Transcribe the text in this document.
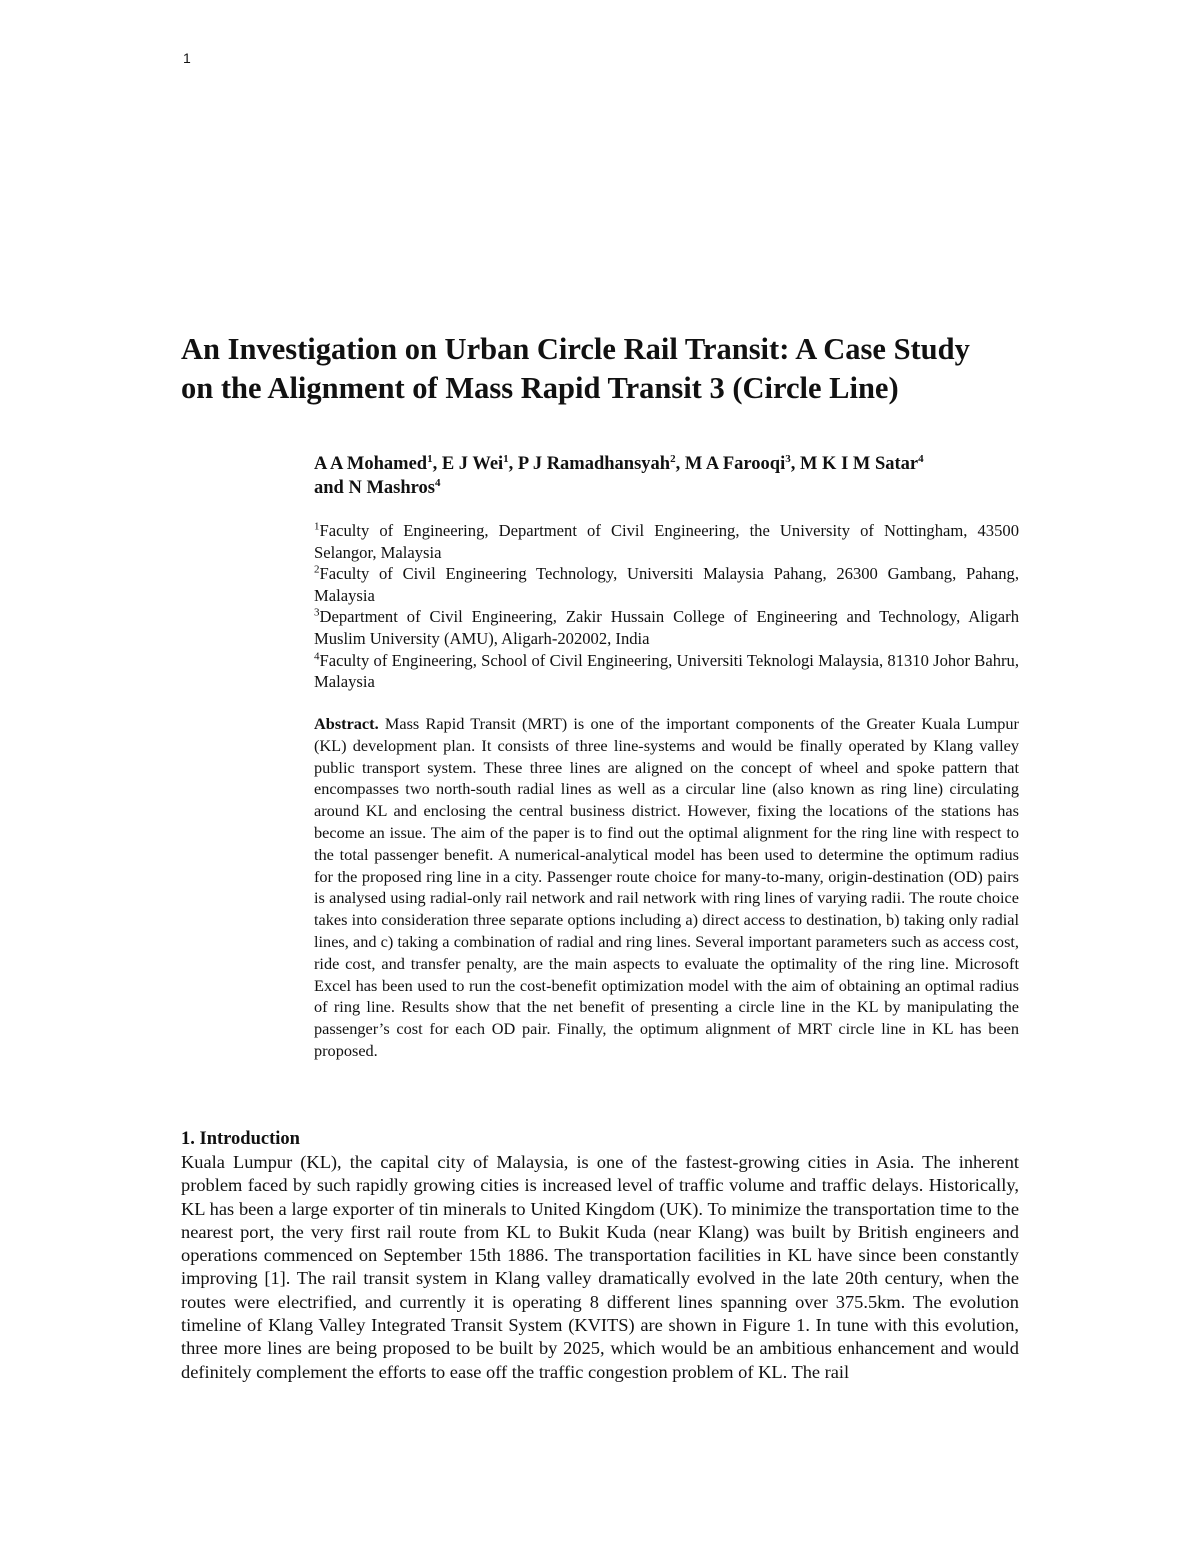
1
An Investigation on Urban Circle Rail Transit: A Case Study
on the Alignment of Mass Rapid Transit 3 (Circle Line)
A A Mohamed$^1$, E J Wei$^1$, P J Ramadhansyah$^2$, M A Farooqi$^3$, M K I M Satar$^4$
and N Mashros$^4$
$^1$Faculty of Engineering, Department of Civil Engineering, the University of Nottingham, 43500 Selangor, Malaysia
$^2$Faculty of Civil Engineering Technology, Universiti Malaysia Pahang, 26300 Gambang, Pahang, Malaysia
$^3$Department of Civil Engineering, Zakir Hussain College of Engineering and Technology, Aligarh Muslim University (AMU), Aligarh-202002, India
$^4$Faculty of Engineering, School of Civil Engineering, Universiti Teknologi Malaysia, 81310 Johor Bahru, Malaysia

Abstract. Mass Rapid Transit (MRT) is one of the important components of the Greater Kuala Lumpur (KL) development plan. It consists of three line-systems and would be finally operated by Klang valley public transport system. These three lines are aligned on the concept of wheel and spoke pattern that encompasses two north-south radial lines as well as a circular line (also known as ring line) circulating around KL and enclosing the central business district. However, fixing the locations of the stations has become an issue. The aim of the paper is to find out the optimal alignment for the ring line with respect to the total passenger benefit. A numerical-analytical model has been used to determine the optimum radius for the proposed ring line in a city. Passenger route choice for many-to-many, origin-destination (OD) pairs is analysed using radial-only rail network and rail network with ring lines of varying radii. The route choice takes into consideration three separate options including a) direct access to destination, b) taking only radial lines, and c) taking a combination of radial and ring lines. Several important parameters such as access cost, ride cost, and transfer penalty, are the main aspects to evaluate the optimality of the ring line. Microsoft Excel has been used to run the cost-benefit optimization model with the aim of obtaining an optimal radius of ring line. Results show that the net benefit of presenting a circle line in the KL by manipulating the passenger’s cost for each OD pair. Finally, the optimum alignment of MRT circle line in KL has been proposed.

1. Introduction

Kuala Lumpur (KL), the capital city of Malaysia, is one of the fastest-growing cities in Asia. The inherent problem faced by such rapidly growing cities is increased level of traffic volume and traffic delays. Historically, KL has been a large exporter of tin minerals to United Kingdom (UK). To minimize the transportation time to the nearest port, the very first rail route from KL to Bukit Kuda (near Klang) was built by British engineers and operations commenced on September 15th 1886. The transportation facilities in KL have since been constantly improving [1]. The rail transit system in Klang valley dramatically evolved in the late 20th century, when the routes were electrified, and currently it is operating 8 different lines spanning over 375.5km. The evolution timeline of Klang Valley Integrated Transit System (KVITS) are shown in Figure 1. In tune with this evolution, three more lines are being proposed to be built by 2025, which would be an ambitious enhancement and would definitely complement the efforts to ease off the traffic congestion problem of KL. The rail
